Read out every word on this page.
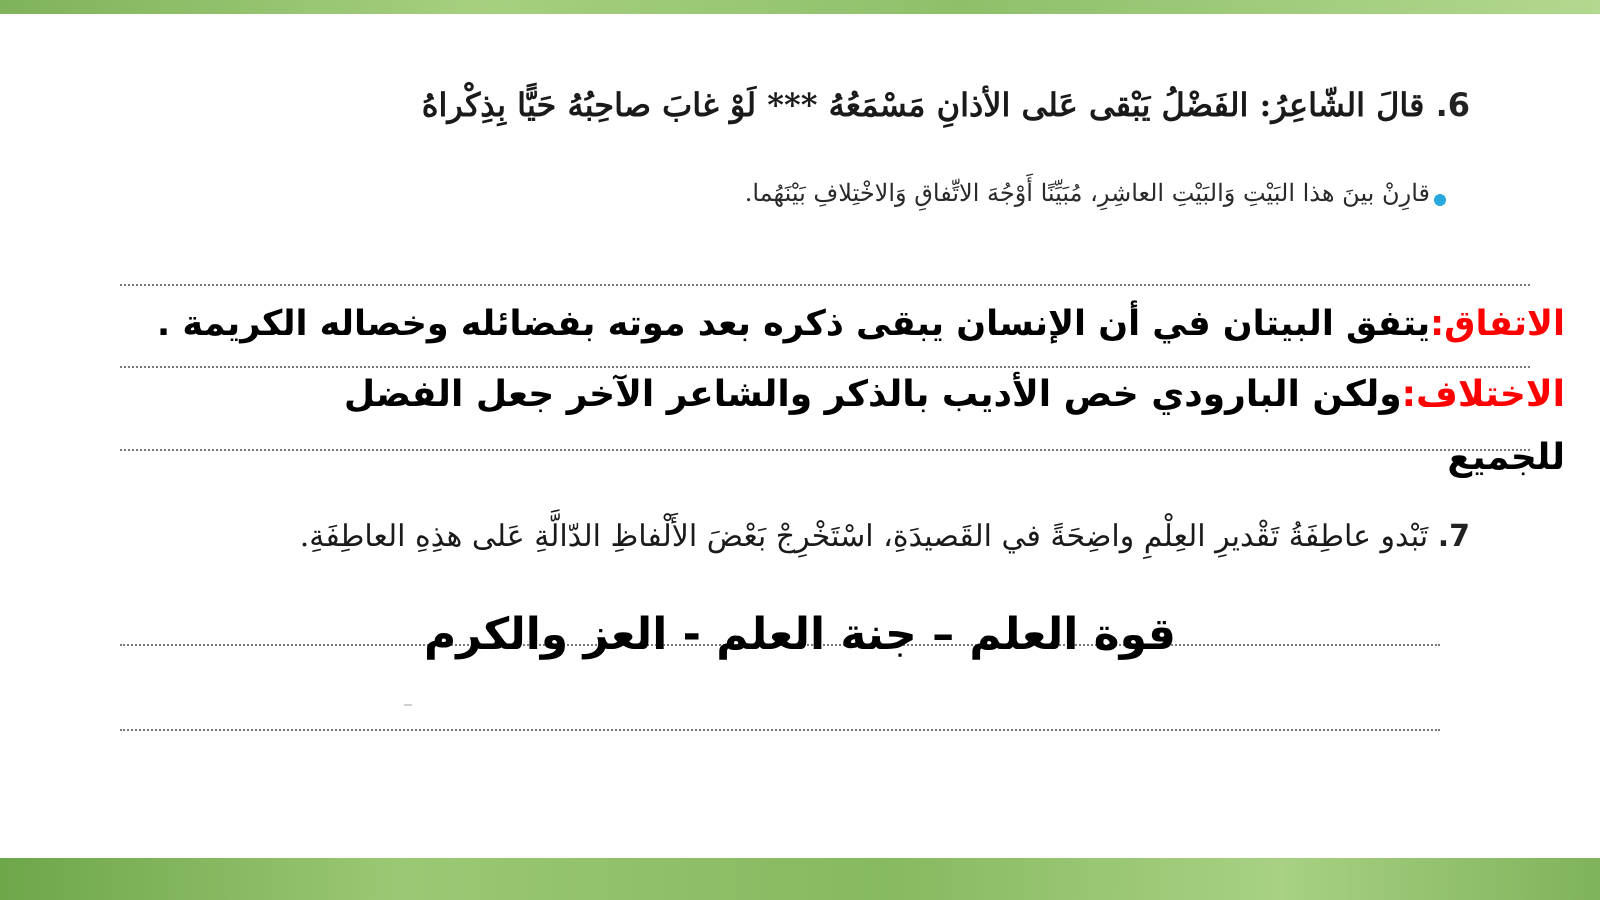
6. قالَ الشّاعِرُ: الفَضْلُ يَبْقى عَلى الأذانِ مَسْمَعُهُ *** لَوْ غابَ صاحِبُهُ حَيًّا بِذِكْراهُ
قارِنْ بينَ هذا البَيْتِ وَالبَيْتِ العاشِرِ، مُبَيِّنًا أَوْجُهَ الاتِّفاقِ وَالاخْتِلافِ بَيْنَهُما.
الاتفاق:يتفق البيتان في أن الإنسان يبقى ذكره بعد موته بفضائله وخصاله الكريمة .
الاختلاف:ولكن البارودي خص الأديب بالذكر والشاعر الآخر جعل الفضل
للجميع
7. تَبْدو عاطِفَةُ تَقْديرِ العِلْمِ واضِحَةً في القَصيدَةِ، اسْتَخْرِجْ بَعْضَ الأَلْفاظِ الدّالَّةِ عَلى هذِهِ العاطِفَةِ.
قوة العلم – جنة العلم - العز والكرم
